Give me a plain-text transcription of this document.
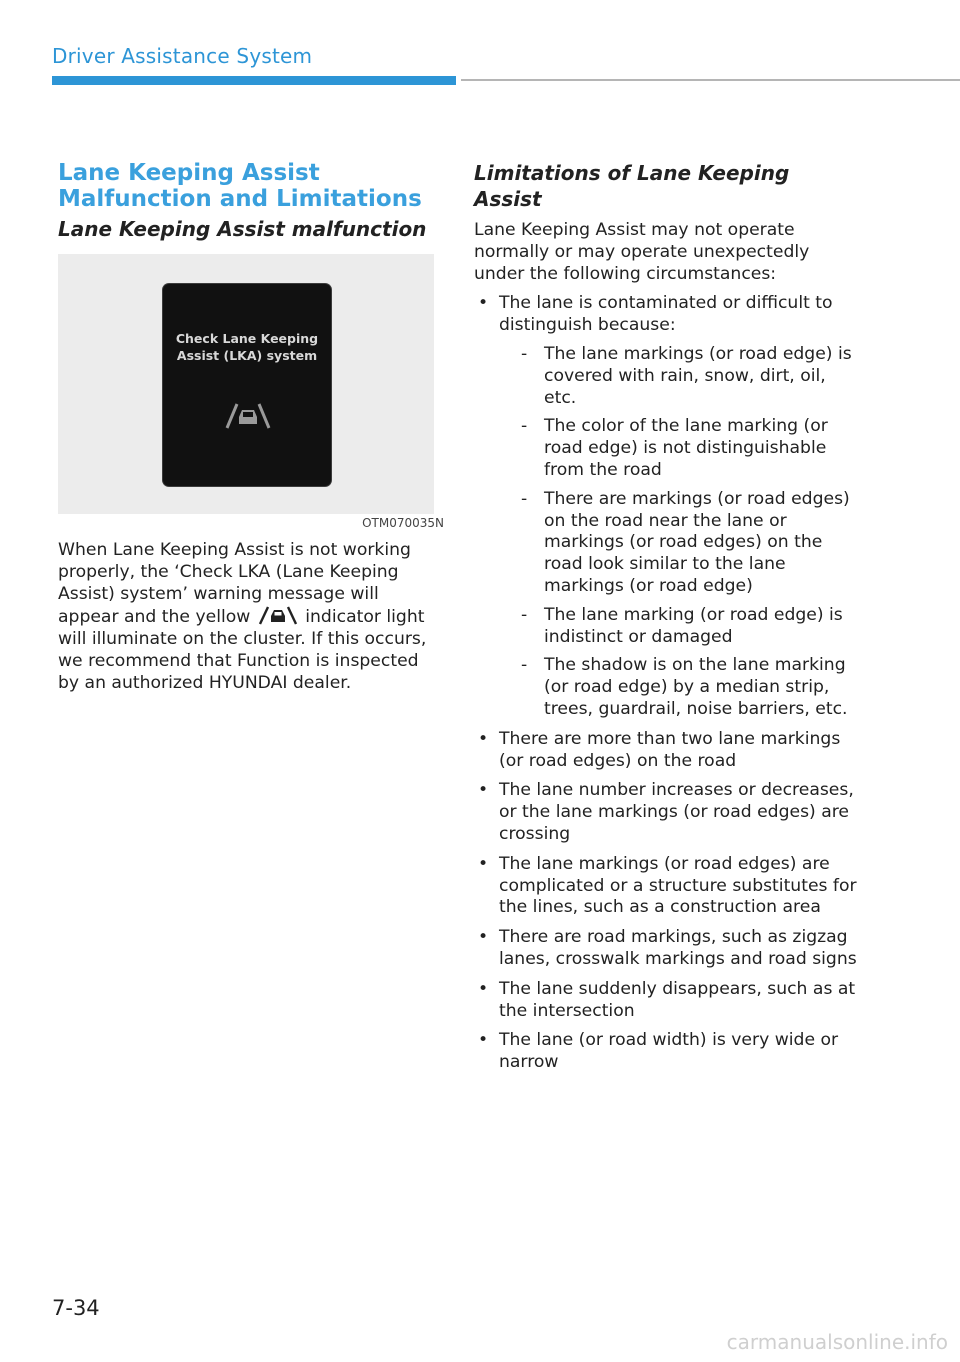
Driver Assistance System
Lane Keeping Assist Malfunction and Limitations
Lane Keeping Assist malfunction
Check Lane Keeping
Assist (LKA) system
OTM070035N

When Lane Keeping Assist is not working properly, the ‘Check LKA (Lane Keeping Assist) system’ warning message will appear and the yellow	indicator light will illuminate on the cluster. If this occurs, we recommend that Function is inspected by an authorized HYUNDAI dealer.

Limitations of Lane Keeping Assist

Lane Keeping Assist may not operate normally or may operate unexpectedly under the following circumstances:

• The lane is contaminated or difficult to distinguish because:
- The lane markings (or road edge) is covered with rain, snow, dirt, oil, etc.
- The color of the lane marking (or road edge) is not distinguishable from the road
- There are markings (or road edges) on the road near the lane or markings (or road edges) on the road look similar to the lane markings (or road edge)
- The lane marking (or road edge) is indistinct or damaged
- The shadow is on the lane marking (or road edge) by a median strip, trees, guardrail, noise barriers, etc.
• There are more than two lane markings (or road edges) on the road
• The lane number increases or decreases, or the lane markings (or road edges) are crossing
• The lane markings (or road edges) are complicated or a structure substitutes for the lines, such as a construction area
• There are road markings, such as zigzag lanes, crosswalk markings and road signs
• The lane suddenly disappears, such as at the intersection
• The lane (or road width) is very wide or narrow
7-34
carmanualsonline.info
